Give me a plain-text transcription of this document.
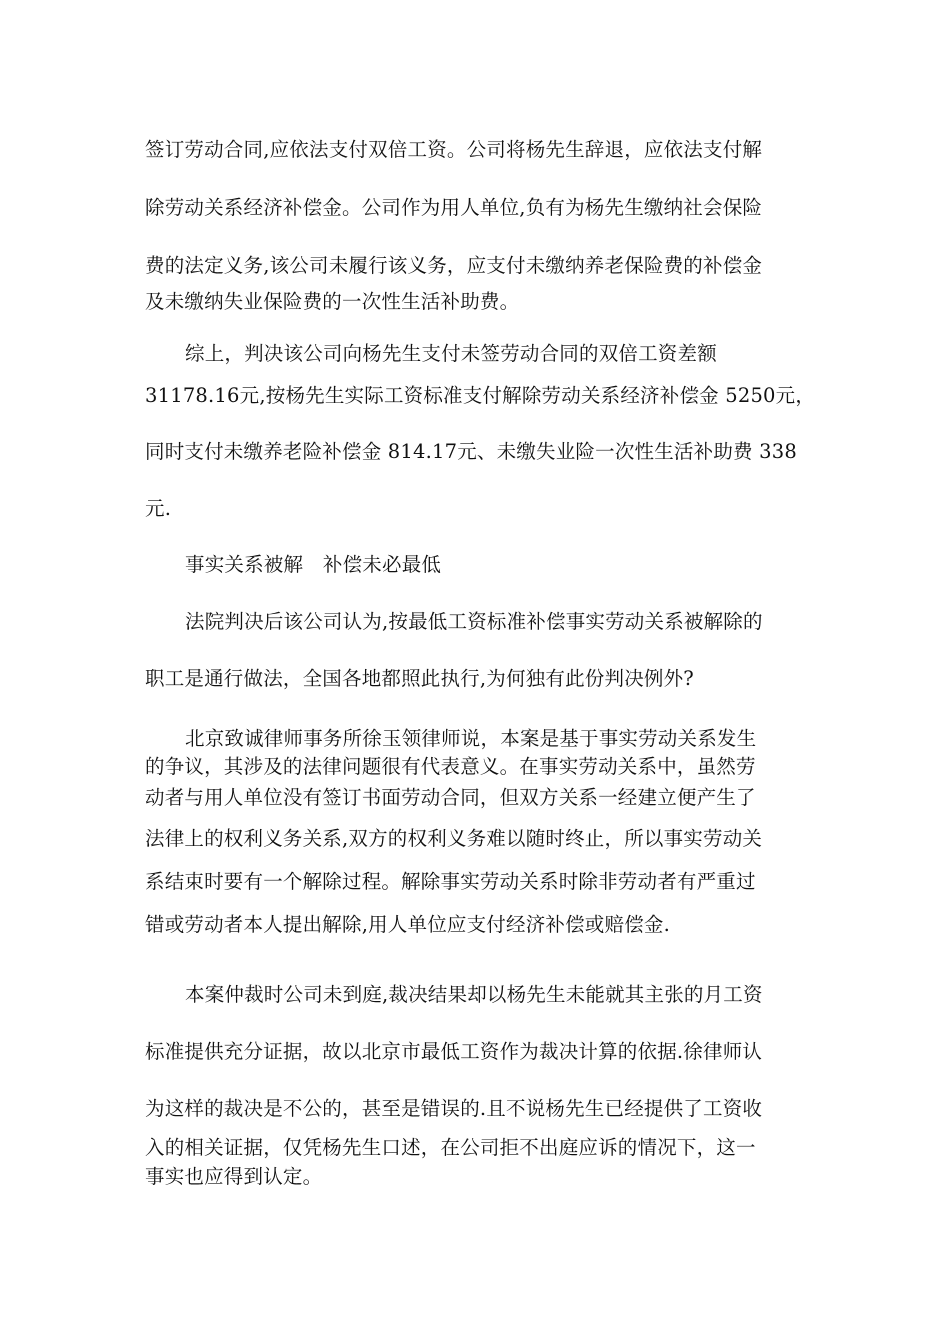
签订劳动合同,应依法支付双倍工资。公司将杨先生辞退，应依法支付解
除劳动关系经济补偿金。公司作为用人单位,负有为杨先生缴纳社会保险
费的法定义务,该公司未履行该义务，应支付未缴纳养老保险费的补偿金
及未缴纳失业保险费的一次性生活补助费。
综上，判决该公司向杨先生支付未签劳动合同的双倍工资差额
31178.16元,按杨先生实际工资标准支付解除劳动关系经济补偿金 5250元，
同时支付未缴养老险补偿金 814.17元、未缴失业险一次性生活补助费 338
元.
事实关系被解　补偿未必最低
法院判决后该公司认为,按最低工资标准补偿事实劳动关系被解除的
职工是通行做法，全国各地都照此执行,为何独有此份判决例外?
北京致诚律师事务所徐玉领律师说，本案是基于事实劳动关系发生
的争议，其涉及的法律问题很有代表意义。在事实劳动关系中，虽然劳
动者与用人单位没有签订书面劳动合同，但双方关系一经建立便产生了
法律上的权利义务关系,双方的权利义务难以随时终止，所以事实劳动关
系结束时要有一个解除过程。解除事实劳动关系时除非劳动者有严重过
错或劳动者本人提出解除,用人单位应支付经济补偿或赔偿金.
本案仲裁时公司未到庭,裁决结果却以杨先生未能就其主张的月工资
标准提供充分证据，故以北京市最低工资作为裁决计算的依据.徐律师认
为这样的裁决是不公的，甚至是错误的.且不说杨先生已经提供了工资收
入的相关证据，仅凭杨先生口述，在公司拒不出庭应诉的情况下，这一
事实也应得到认定。
